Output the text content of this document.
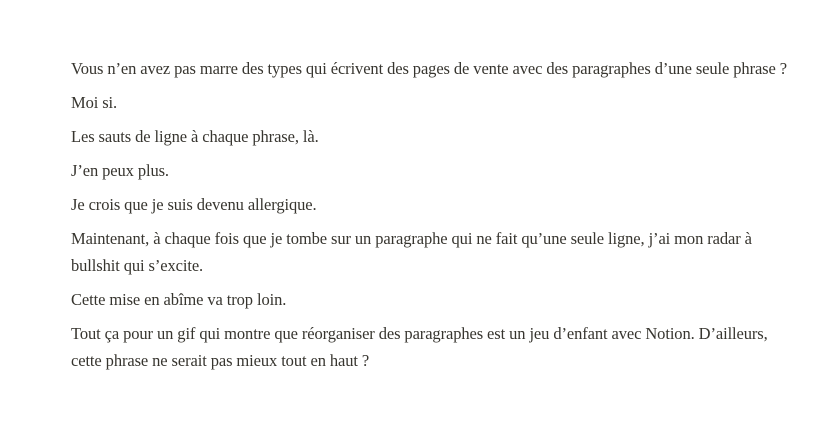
Vous n’en avez pas marre des types qui écrivent des pages de vente avec des paragraphes d’une seule phrase ?

Moi si.

Les sauts de ligne à chaque phrase, là.

J’en peux plus.

Je crois que je suis devenu allergique.

Maintenant, à chaque fois que je tombe sur un paragraphe qui ne fait qu’une seule ligne, j’ai mon radar à bullshit qui s’excite.

Cette mise en abîme va trop loin.

Tout ça pour un gif qui montre que réorganiser des paragraphes est un jeu d’enfant avec Notion. D’ailleurs, cette phrase ne serait pas mieux tout en haut ?
